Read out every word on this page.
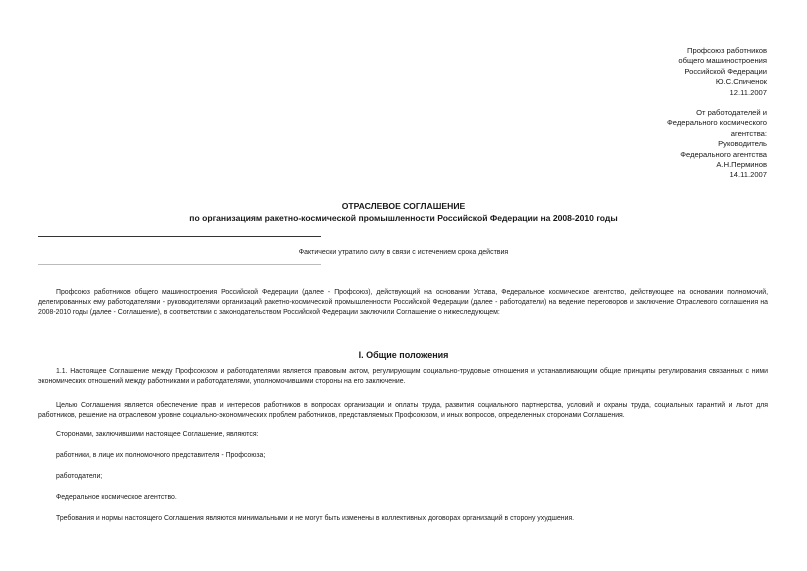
Профсоюз работников
общего машиностроения
Российской Федерации
Ю.С.Спиченок
12.11.2007
От работодателей и
Федерального космического
агентства:
Руководитель
Федерального агентства
А.Н.Перминов
14.11.2007
ОТРАСЛЕВОЕ СОГЛАШЕНИЕ
по организациям ракетно-космической промышленности Российской Федерации на 2008-2010 годы
Фактически утратило силу в связи с истечением срока действия

Профсоюз работников общего машиностроения Российской Федерации (далее - Профсоюз), действующий на основании Устава, Федеральное космическое агентство, действующее на основании полномочий, делегированных ему работодателями - руководителями организаций ракетно-космической промышленности Российской Федерации (далее - работодатели) на ведение переговоров и заключение Отраслевого соглашения на 2008-2010 годы (далее - Соглашение), в соответствии с законодательством Российской Федерации заключили Соглашение о нижеследующем:

I. Общие положения

1.1. Настоящее Соглашение между Профсоюзом и работодателями является правовым актом, регулирующим социально-трудовые отношения и устанавливающим общие принципы регулирования связанных с ними экономических отношений между работниками и работодателями, уполномочившими стороны на его заключение.

Целью Соглашения является обеспечение прав и интересов работников в вопросах организации и оплаты труда, развития социального партнерства, условий и охраны труда, социальных гарантий и льгот для работников, решение на отраслевом уровне социально-экономических проблем работников, представляемых Профсоюзом, и иных вопросов, определенных сторонами Соглашения.

Сторонами, заключившими настоящее Соглашение, являются:

работники, в лице их полномочного представителя - Профсоюза;

работодатели;

Федеральное космическое агентство.

Требования и нормы настоящего Соглашения являются минимальными и не могут быть изменены в коллективных договорах организаций в сторону ухудшения.
